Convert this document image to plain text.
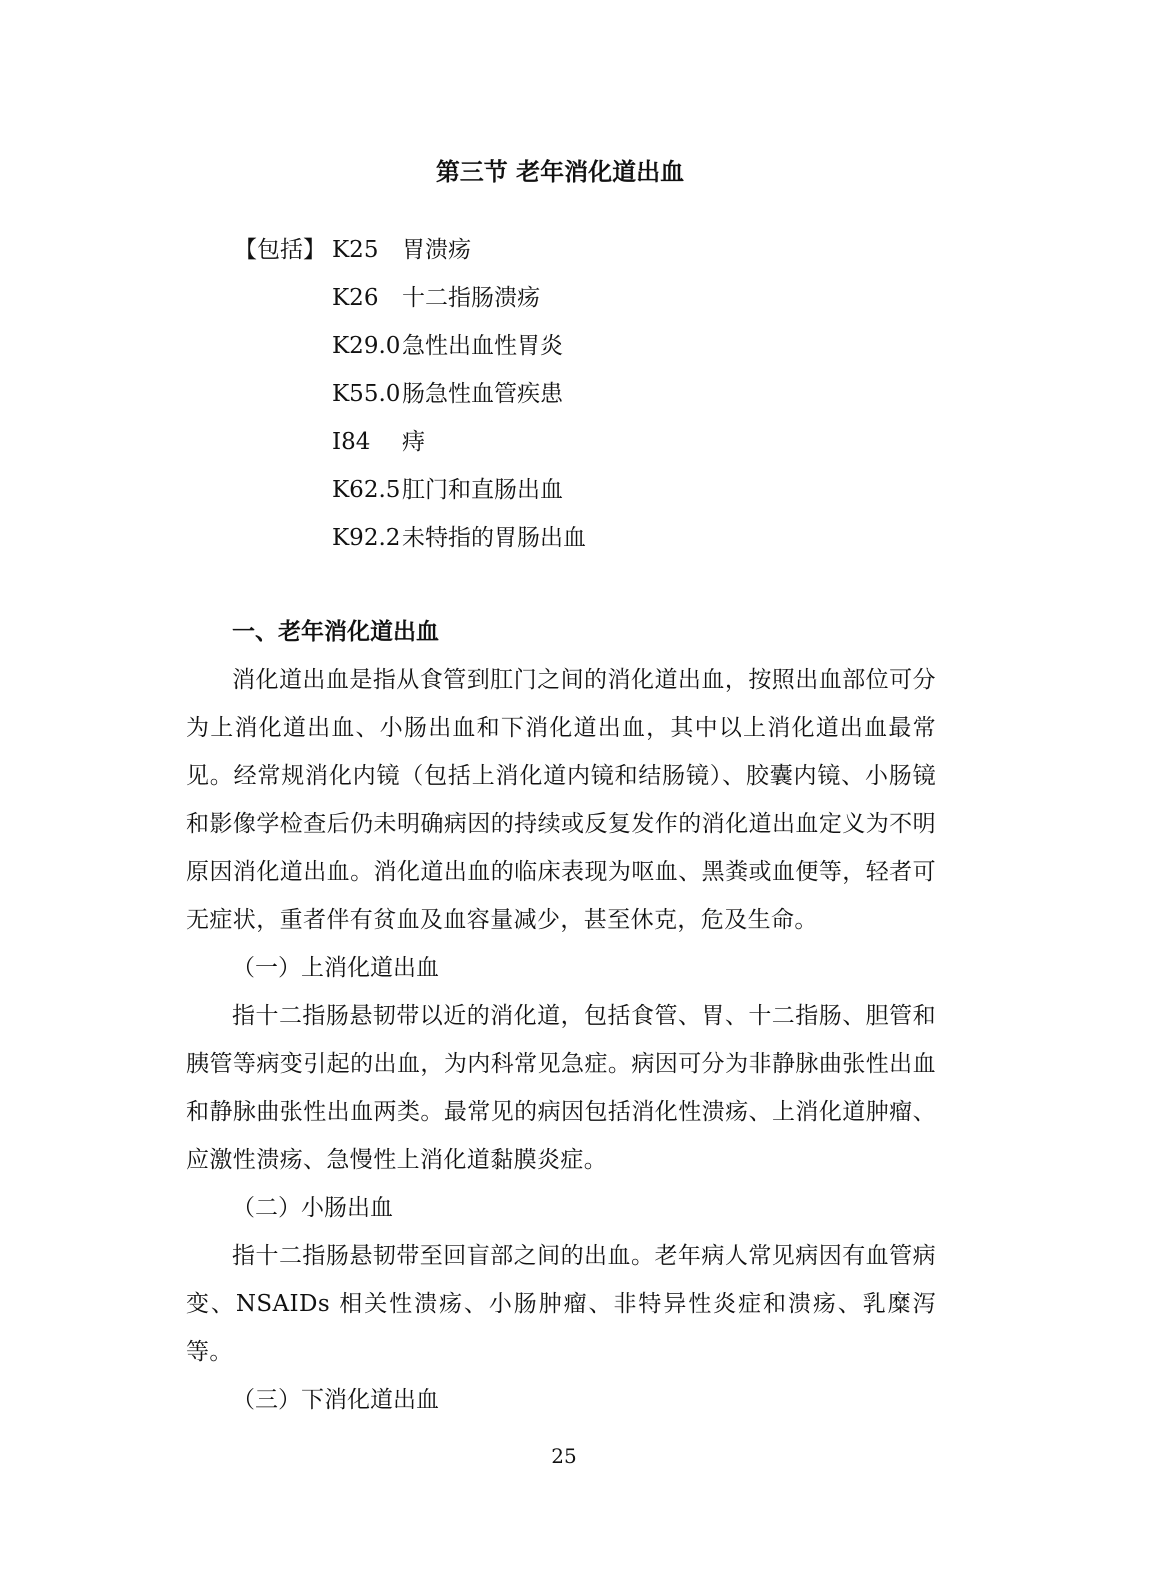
第三节 老年消化道出血
【包括】 K25	胃溃疡
K26	十二指肠溃疡
K29.0 急性出血性胃炎
K55.0 肠急性血管疾患
I84	痔
K62.5 肛门和直肠出血
K92.2 未特指的胃肠出血

一、老年消化道出血

消化道出血是指从食管到肛门之间的消化道出血，按照出血部位可分为上消化道出血、小肠出血和下消化道出血，其中以上消化道出血最常见。经常规消化内镜（包括上消化道内镜和结肠镜）、胶囊内镜、小肠镜和影像学检查后仍未明确病因的持续或反复发作的消化道出血定义为不明原因消化道出血。消化道出血的临床表现为呕血、黑粪或血便等，轻者可无症状，重者伴有贫血及血容量减少，甚至休克，危及生命。

（一）上消化道出血

指十二指肠悬韧带以近的消化道，包括食管、胃、十二指肠、胆管和胰管等病变引起的出血，为内科常见急症。病因可分为非静脉曲张性出血和静脉曲张性出血两类。最常见的病因包括消化性溃疡、上消化道肿瘤、应激性溃疡、急慢性上消化道黏膜炎症。

（二）小肠出血

指十二指肠悬韧带至回盲部之间的出血。老年病人常见病因有血管病变、NSAIDs 相关性溃疡、小肠肿瘤、非特异性炎症和溃疡、乳糜泻等。

（三）下消化道出血

25
